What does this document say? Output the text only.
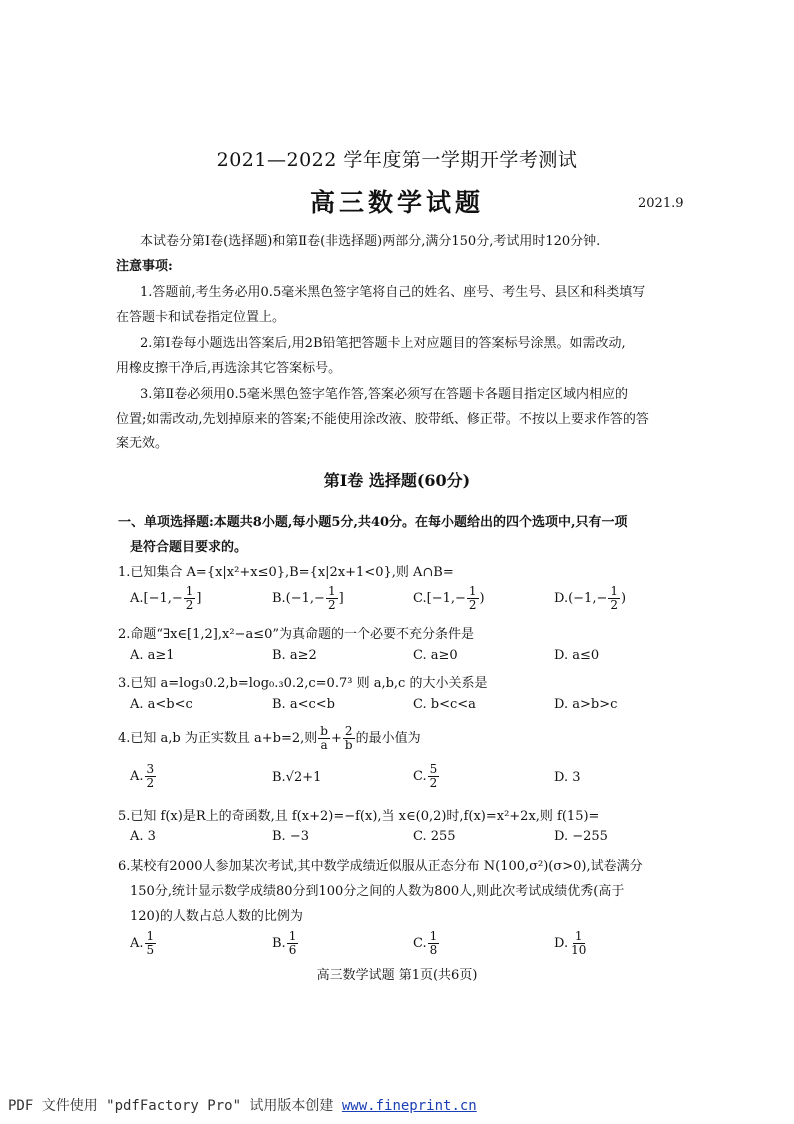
2021—2022 学年度第一学期开学考测试
高三数学试题	2021.9
本试卷分第Ⅰ卷(选择题)和第Ⅱ卷(非选择题)两部分,满分150分,考试用时120分钟.
注意事项:
1.答题前,考生务必用0.5毫米黑色签字笔将自己的姓名、座号、考生号、县区和科类填写
在答题卡和试卷指定位置上。
2.第Ⅰ卷每小题选出答案后,用2B铅笔把答题卡上对应题目的答案标号涂黑。如需改动,
用橡皮擦干净后,再选涂其它答案标号。
3.第Ⅱ卷必须用0.5毫米黑色签字笔作答,答案必须写在答题卡各题目指定区域内相应的
位置;如需改动,先划掉原来的答案;不能使用涂改液、胶带纸、修正带。不按以上要求作答的答
案无效。
第Ⅰ卷 选择题(60分)
一、单项选择题:本题共8小题,每小题5分,共40分。在每小题给出的四个选项中,只有一项
是符合题目要求的。
1.已知集合 A={x|x²+x≤0},B={x|2x+1<0},则 A∩B=
$A.[-1,- \frac{1}{2}$ ]	$B.(-1,- \frac{1}{2}$ ]	$C.[-1,- \frac{1}{2}$ )	$D.(-1,- \frac{1}{2}$ )
2.命题“∃x∈[1,2],x²−a≤0”为真命题的一个必要不充分条件是
A. a≥1	B. a≥2	C. a≥0	D. a≤0
3.已知 a=log₃0.2,b=log₀.₃0.2,c=0.7³ 则 a,b,c 的大小关系是
A. a<b<c	B. a<c<b	C. b<c<a	D. a>b>c
4.已知 a,b 为正实数且 a+b=2,则 $\frac{b}{a} + \frac{2}{b}$ 的最小值为
A. $\frac{3}{2}$	B.√2+1	C. $\frac{5}{2}$	D. 3
5.已知 f(x)是R上的奇函数,且 f(x+2)=−f(x),当 x∈(0,2)时,f(x)=x²+2x,则 f(15)=
A. 3	B. −3	C. 255	D. −255
6.某校有2000人参加某次考试,其中数学成绩近似服从正态分布 N(100,σ²)(σ>0),试卷满分
150分,统计显示数学成绩80分到100分之间的人数为800人,则此次考试成绩优秀(高于
120)的人数占总人数的比例为
A. $\frac{1}{5}$	B. $\frac{1}{6}$	C. $\frac{1}{8}$	D. $\frac{1}{10}$
高三数学试题 第1页(共6页)
PDF 文件使用 "pdfFactory Pro" 试用版本创建 www.fineprint.cn
